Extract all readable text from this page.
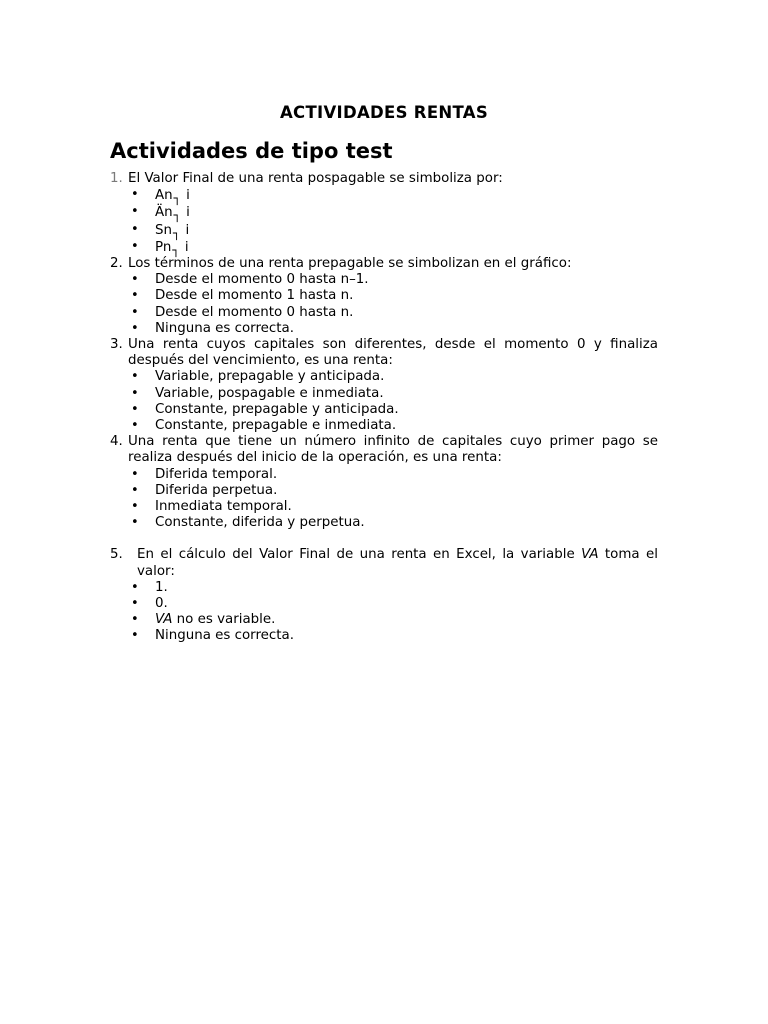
ACTIVIDADES RENTAS
Actividades de tipo test
1. El Valor Final de una renta pospagable se simboliza por:
• An┐ i
• Än┐ i
• Sn┐ i
• Pn┐ i
2. Los términos de una renta prepagable se simbolizan en el gráfico:
• Desde el momento 0 hasta n–1.
• Desde el momento 1 hasta n.
• Desde el momento 0 hasta n.
• Ninguna es correcta.
3. Una renta cuyos capitales son diferentes, desde el momento 0 y finaliza después del vencimiento, es una renta:
• Variable, prepagable y anticipada.
• Variable, pospagable e inmediata.
• Constante, prepagable y anticipada.
• Constante, prepagable e inmediata.
4. Una renta que tiene un número infinito de capitales cuyo primer pago se realiza después del inicio de la operación, es una renta:
• Diferida temporal.
• Diferida perpetua.
• Inmediata temporal.
• Constante, diferida y perpetua.
5. En el cálculo del Valor Final de una renta en Excel, la variable VA toma el valor:
• 1.
• 0.
• VA no es variable.
• Ninguna es correcta.
